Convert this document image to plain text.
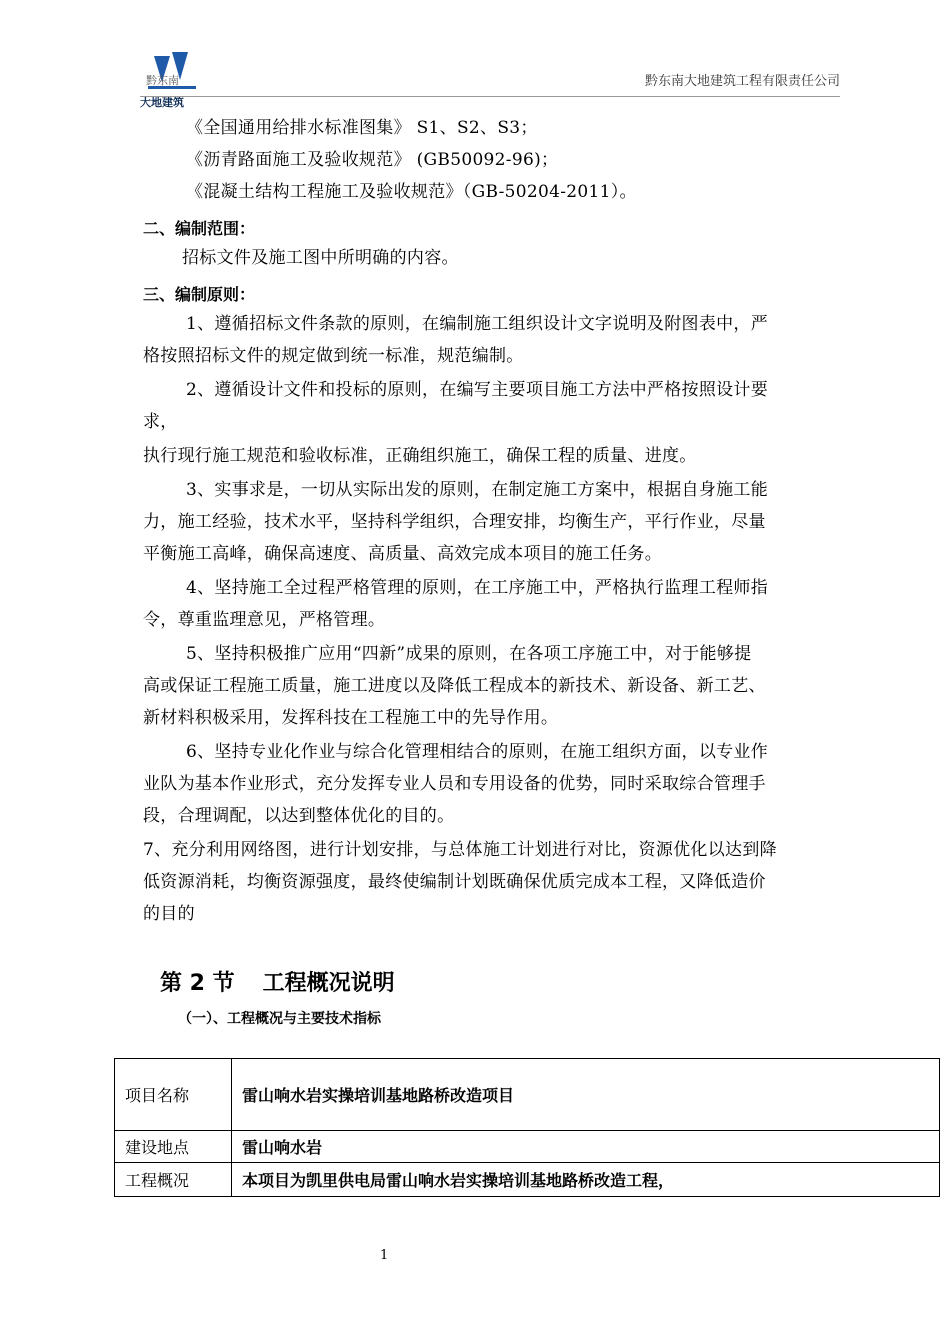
黔东南
大地建筑
黔东南大地建筑工程有限责任公司
《全国通用给排水标准图集》 S1、S2、S3；
《沥青路面施工及验收规范》 (GB50092-96)；
《混凝土结构工程施工及验收规范》（GB-50204-2011）。
二、编制范围：
招标文件及施工图中所明确的内容。
三、编制原则：
1、遵循招标文件条款的原则，在编制施工组织设计文字说明及附图表中，严
格按照招标文件的规定做到统一标准，规范编制。
2、遵循设计文件和投标的原则，在编写主要项目施工方法中严格按照设计要
求，
执行现行施工规范和验收标准，正确组织施工，确保工程的质量、进度。
3、实事求是，一切从实际出发的原则，在制定施工方案中，根据自身施工能
力，施工经验，技术水平，坚持科学组织，合理安排，均衡生产，平行作业，尽量
平衡施工高峰，确保高速度、高质量、高效完成本项目的施工任务。
4、坚持施工全过程严格管理的原则，在工序施工中，严格执行监理工程师指
令，尊重监理意见，严格管理。
5、坚持积极推广应用“四新”成果的原则，在各项工序施工中，对于能够提
高或保证工程施工质量，施工进度以及降低工程成本的新技术、新设备、新工艺、
新材料积极采用，发挥科技在工程施工中的先导作用。
6、坚持专业化作业与综合化管理相结合的原则，在施工组织方面，以专业作
业队为基本作业形式，充分发挥专业人员和专用设备的优势，同时采取综合管理手
段，合理调配，以达到整体优化的目的。
7、充分利用网络图，进行计划安排，与总体施工计划进行对比，资源优化以达到降
低资源消耗，均衡资源强度，最终使编制计划既确保优质完成本工程，又降低造价
的目的
第 2 节 工程概况说明
（一）、工程概况与主要技术指标
项目名称	雷山响水岩实操培训基地路桥改造项目
建设地点	雷山响水岩
工程概况	本项目为凯里供电局雷山响水岩实操培训基地路桥改造工程，
1
